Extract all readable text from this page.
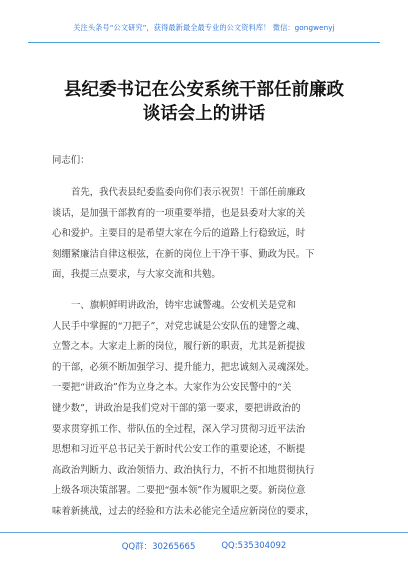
关注头条号“公文研究”，获得最新最全最专业的公文资料库！ 微信：gongwenyj
县纪委书记在公安系统干部任前廉政
谈话会上的讲话
同志们：
首先，我代表县纪委监委向你们表示祝贺！干部任前廉政
谈话，是加强干部教育的一项重要举措，也是县委对大家的关
心和爱护。主要目的是希望大家在今后的道路上行稳致远，时
刻绷紧廉洁自律这根弦，在新的岗位上干净干事、勤政为民。下
面，我提三点要求，与大家交流和共勉。
一、旗帜鲜明讲政治，铸牢忠诚警魂。公安机关是党和
人民手中掌握的“刀把子”，对党忠诚是公安队伍的建警之魂、
立警之本。大家走上新的岗位，履行新的职责，尤其是新提拔
的干部，必须不断加强学习、提升能力，把忠诚刻入灵魂深处。
一要把“讲政治”作为立身之本。大家作为公安民警中的“关
键少数”，讲政治是我们党对干部的第一要求，要把讲政治的
要求贯穿抓工作、带队伍的全过程，深入学习贯彻习近平法治
思想和习近平总书记关于新时代公安工作的重要论述，不断提
高政治判断力、政治领悟力、政治执行力，不折不扣地贯彻执行
上级各项决策部署。二要把“强本领”作为履职之要。新岗位意
味着新挑战，过去的经验和方法未必能完全适应新岗位的要求，
QQ群：30265665	QQ:535304092
